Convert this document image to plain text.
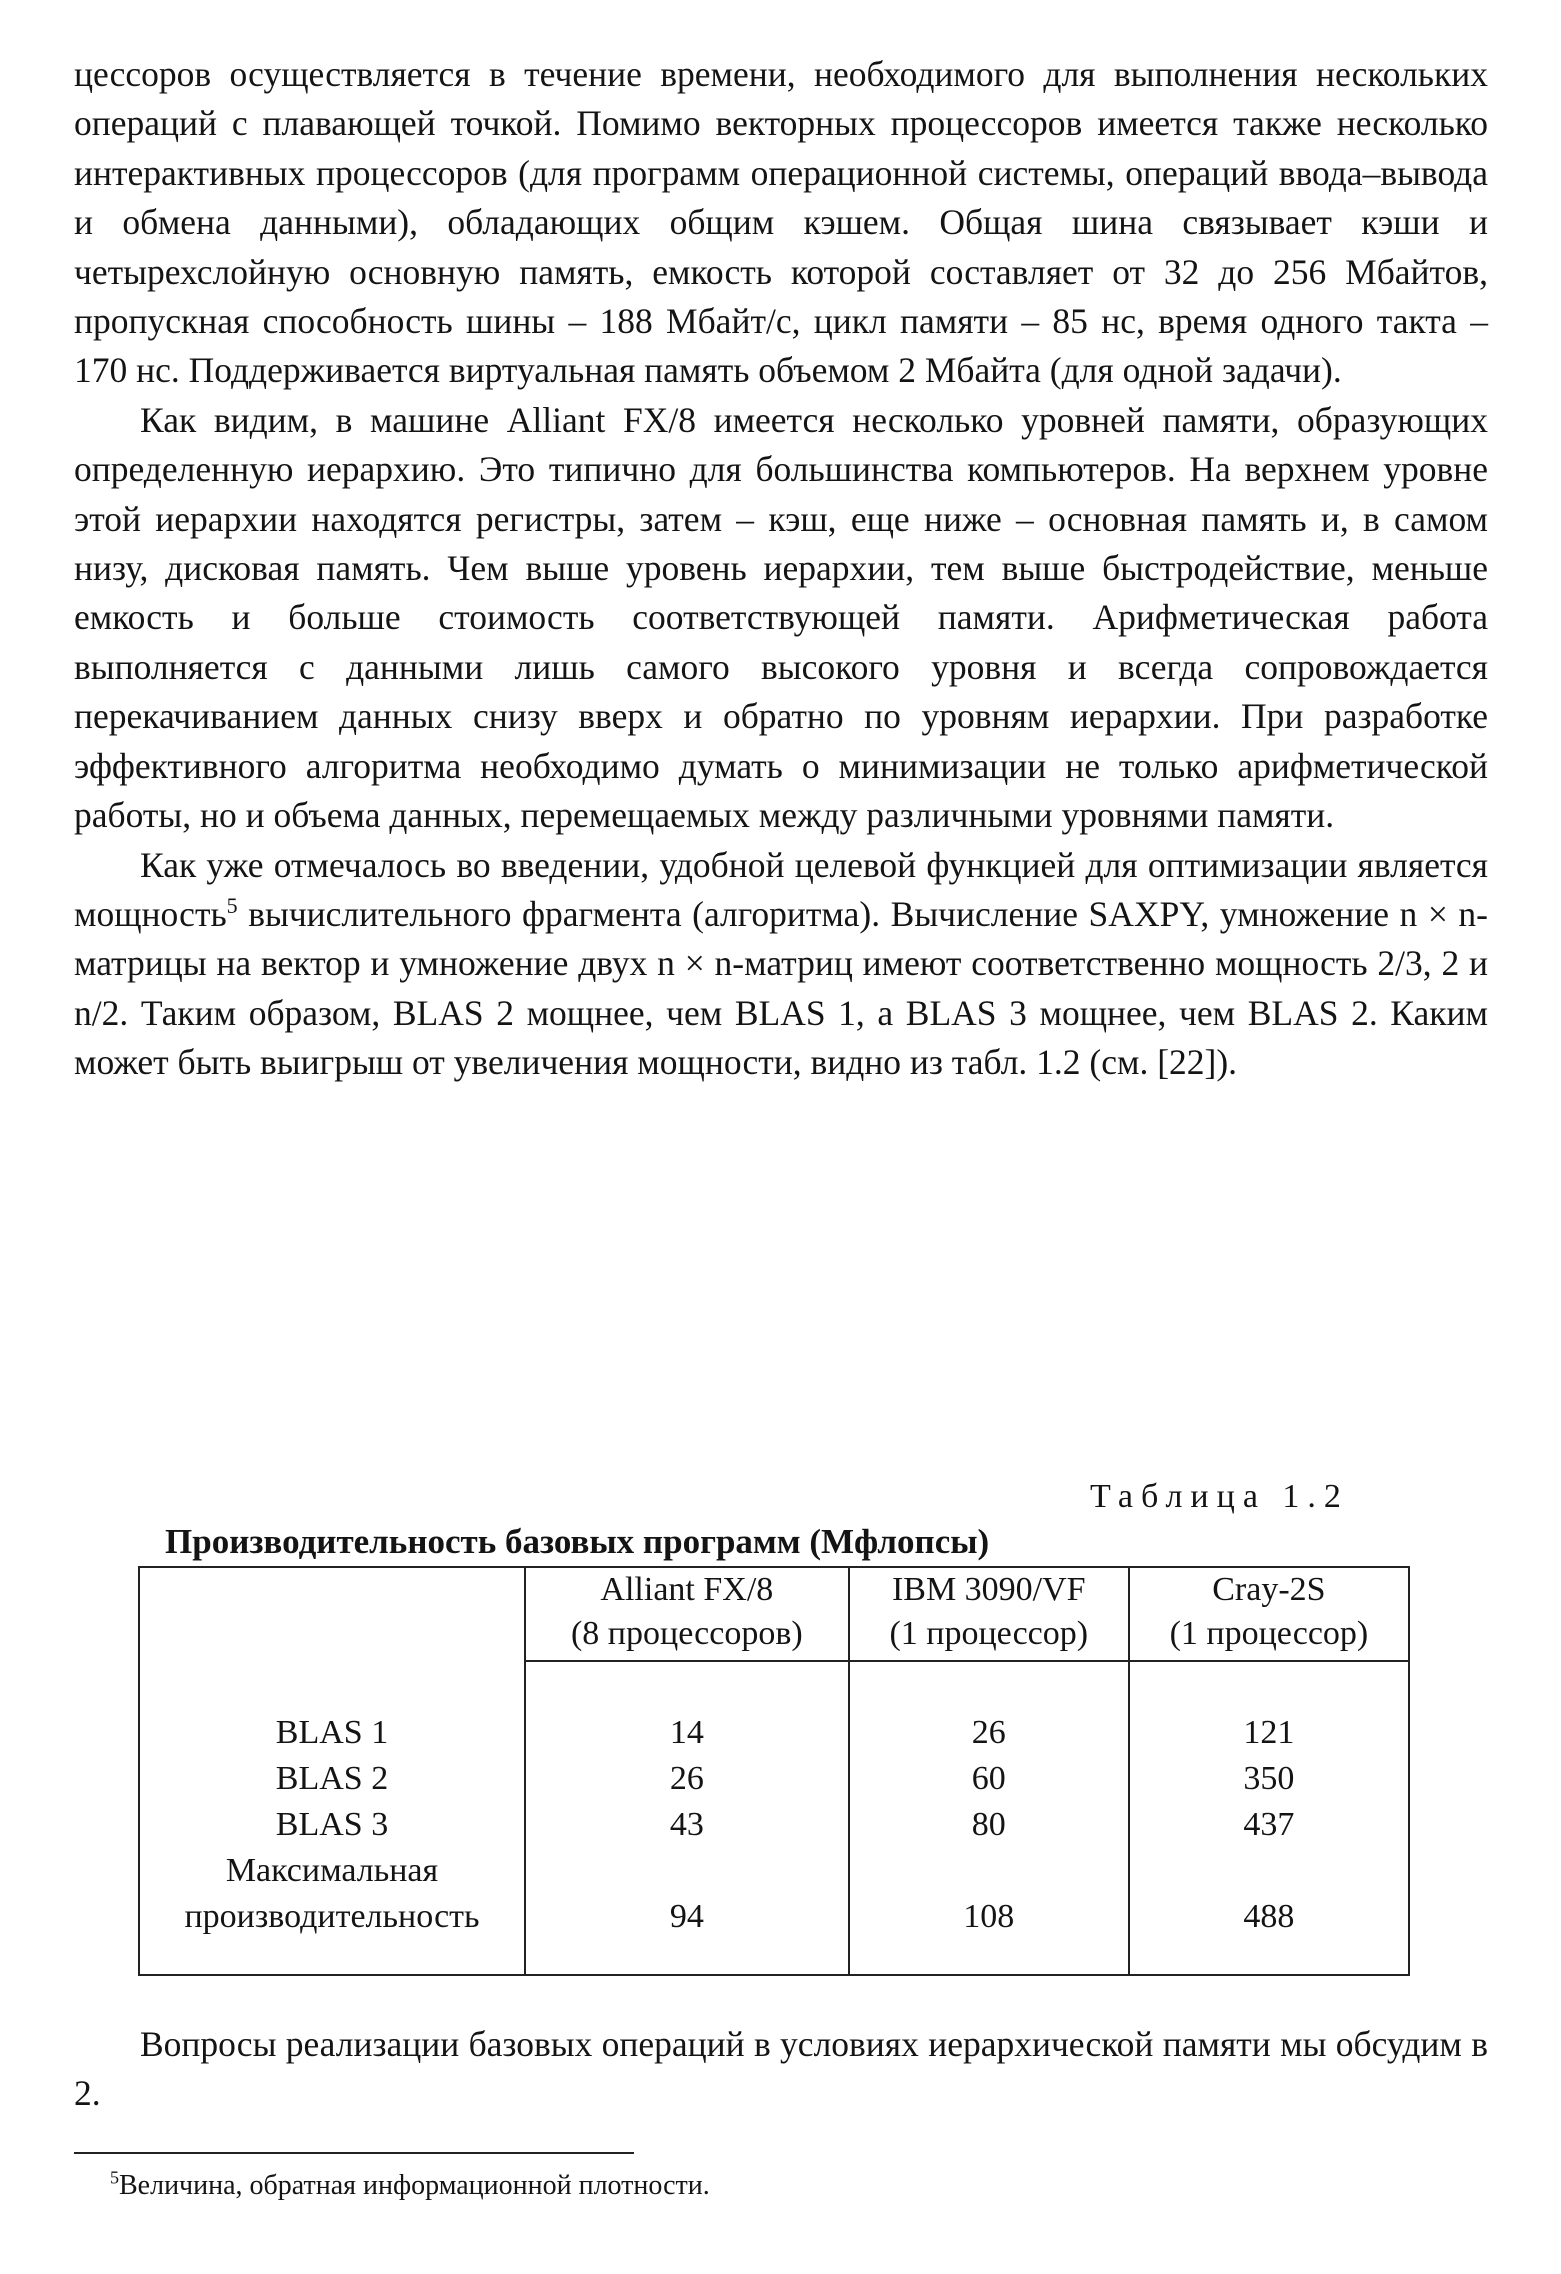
цессоров осуществляется в течение времени, необходимого для выполнения нескольких операций с плавающей точкой. Помимо векторных процессоров имеется также несколько интерактивных процессоров (для программ операционной системы, операций ввода–вывода и обмена данными), обладающих общим кэшем. Общая шина связывает кэши и четырехслойную основную память, емкость которой составляет от 32 до 256 Мбайтов, пропускная способность шины – 188 Мбайт/с, цикл памяти – 85 нс, время одного такта – 170 нс. Поддерживается виртуальная память объемом 2 Мбайта (для одной задачи).

Как видим, в машине Alliant FX/8 имеется несколько уровней памяти, образующих определенную иерархию. Это типично для большинства компьютеров. На верхнем уровне этой иерархии находятся регистры, затем – кэш, еще ниже – основная память и, в самом низу, дисковая память. Чем выше уровень иерархии, тем выше быстродействие, меньше емкость и больше стоимость соответствующей памяти. Арифметическая работа выполняется с данными лишь самого высокого уровня и всегда сопровождается перекачиванием данных снизу вверх и обратно по уровням иерархии. При разработке эффективного алгоритма необходимо думать о минимизации не только арифметической работы, но и объема данных, перемещаемых между различными уровнями памяти.

Как уже отмечалось во введении, удобной целевой функцией для оптимизации является мощность$^5$ вычислительного фрагмента (алгоритма). Вычисление SAXPY, умножение n × n-матрицы на вектор и умножение двух n × n-матриц имеют соответственно мощность 2/3, 2 и n/2. Таким образом, BLAS 2 мощнее, чем BLAS 1, а BLAS 3 мощнее, чем BLAS 2. Каким может быть выигрыш от увеличения мощности, видно из табл. 1.2 (см. [22]).

Таблица 1.2
Производительность базовых программ (Мфлопсы)
	Alliant FX/8	IBM 3090/VF	Cray-2S
	(8 процессоров)	(1 процессор)	(1 процессор)

BLAS 1	14	26	121
BLAS 2	26	60	350
BLAS 3	43	80	437
Максимальная			
производительность	94	108	488

Вопросы реализации базовых операций в условиях иерархической памяти мы обсудим в 2.

$^5$Величина, обратная информационной плотности.
